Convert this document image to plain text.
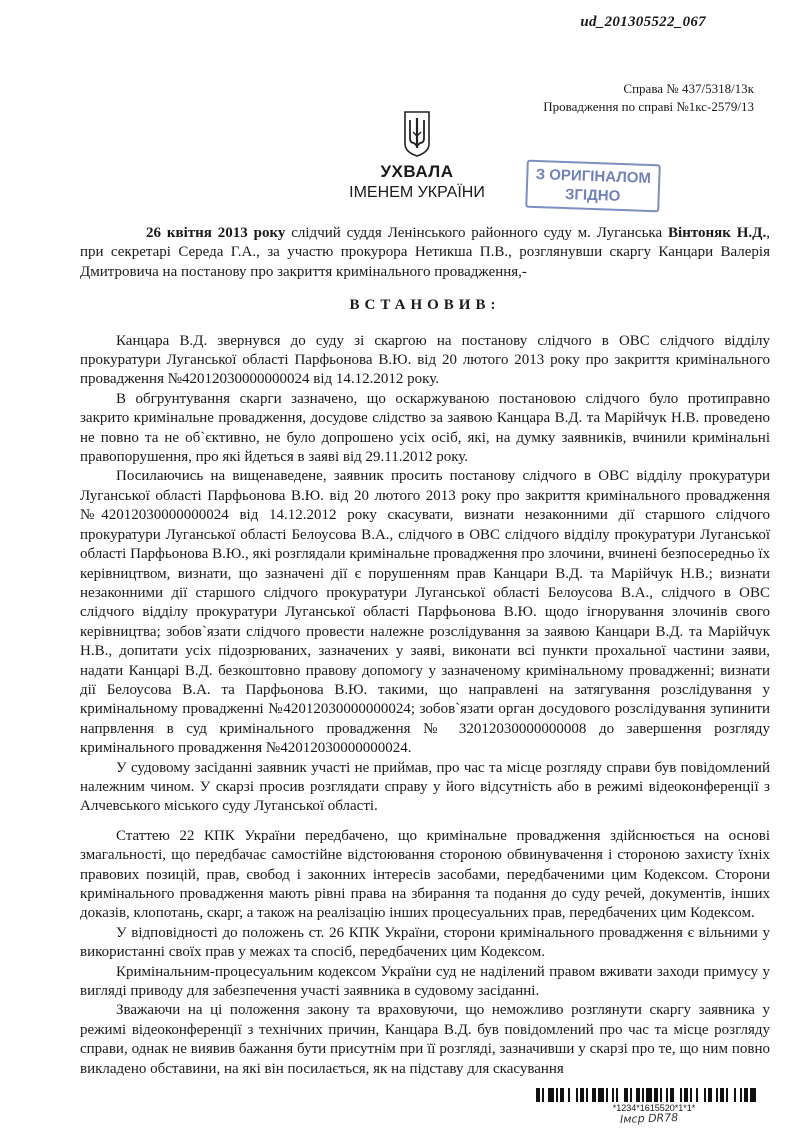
ud_201305522_067
Справа № 437/5318/13к
Провадження по справі №1кс-2579/13
УХВАЛА
ІМЕНЕМ УКРАЇНИ
З ОРИГІНАЛОМ
ЗГІДНО

26 квітня 2013 року слідчий суддя Ленінського районного суду м. Луганська Вінтоняк Н.Д., при секретарі Середа Г.А., за участю прокурора Нетикша П.В., розглянувши скаргу Канцари Валерія Дмитровича на постанову про закриття кримінального провадження,-

ВСТАНОВИВ:

Канцара В.Д. звернувся до суду зі скаргою на постанову слідчого в ОВС слідчого відділу прокуратури Луганської області Парфьонова В.Ю. від 20 лютого 2013 року про закриття кримінального провадження №42012030000000024 від 14.12.2012 року.

В обгрунтування скарги зазначено, що оскаржуваною постановою слідчого було протиправно закрито кримінальне провадження, досудове слідство за заявою Канцара В.Д. та Марійчук Н.В. проведено не повно та не об`єктивно, не було допрошено усіх осіб, які, на думку заявників, вчинили кримінальні правопорушення, про які йдеться в заяві від 29.11.2012 року.

Посилаючись на вищенаведене, заявник просить постанову слідчого в ОВС відділу прокуратури Луганської області Парфьонова В.Ю. від 20 лютого 2013 року про закриття кримінального провадження №42012030000000024 від 14.12.2012 року скасувати, визнати незаконними дії старшого слідчого прокуратури Луганської області Белоусова В.А., слідчого в ОВС слідчого відділу прокуратури Луганської області Парфьонова В.Ю., які розглядали кримінальне провадження про злочини, вчинені безпосередньо їх керівництвом, визнати, що зазначені дії є порушенням прав Канцари В.Д. та Марійчук Н.В.; визнати незаконними дії старшого слідчого прокуратури Луганської області Белоусова В.А., слідчого в ОВС слідчого відділу прокуратури Луганської області Парфьонова В.Ю. щодо ігнорування злочинів свого керівництва; зобов`язати слідчого провести належне розслідування за заявою Канцари В.Д. та Марійчук Н.В., допитати усіх підозрюваних, зазначених у заяві, виконати всі пункти прохальної частини заяви, надати Канцарі В.Д. безкоштовно правову допомогу у зазначеному кримінальному провадженні; визнати дії Белоусова В.А. та Парфьонова В.Ю. такими, що направлені на затягування розслідування у кримінальному провадженні №42012030000000024; зобов`язати орган досудового розслідування зупинити напрвлення в суд кримінального провадження № 32012030000000008 до завершення розгляду кримінального провадження №42012030000000024.

У судовому засіданні заявник участі не приймав, про час та місце розгляду справи був повідомлений належним чином. У скарзі просив розглядати справу у його відсутність або в режимі відеоконференції з Алчевського міського суду Луганської області.

Статтею 22 КПК України передбачено, що кримінальне провадження здійснюється на основі змагальності, що передбачає самостійне відстоювання стороною обвинувачення і стороною захисту їхніх правових позицій, прав, свобод і законних інтересів засобами, передбаченими цим Кодексом. Сторони кримінального провадження мають рівні права на збирання та подання до суду речей, документів, інших доказів, клопотань, скарг, а також на реалізацію інших процесуальних прав, передбачених цим Кодексом.

У відповідності до положень ст. 26 КПК України, сторони кримінального провадження є вільними у використанні своїх прав у межах та спосіб, передбачених цим Кодексом.

Кримінальним-процесуальним кодексом України суд не наділений правом вживати заходи примусу у вигляді приводу для забезпечення участі заявника в судовому засіданні.

Зважаючи на ці положення закону та враховуючи, що неможливо розглянути скаргу заявника у режимі відеоконференції з технічних причин, Канцара В.Д. був повідомлений про час та місце розгляду справи, однак не виявив бажання бути присутнім при її розгляді, зазначивши у скарзі про те, що ним повно викладено обставини, на які він посилається, як на підставу для скасування

*1234*1615520*1*1*
Імср DR78
